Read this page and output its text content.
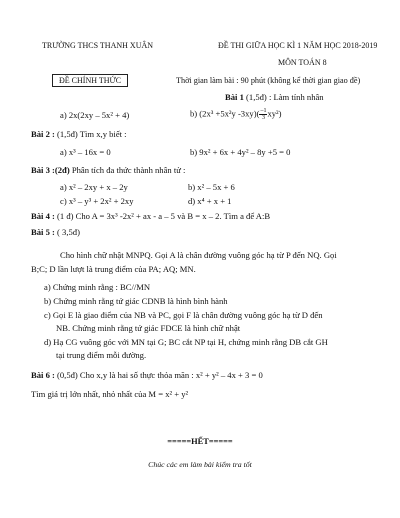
TRƯỜNG THCS THANH XUÂN	ĐỀ THI GIỮA HỌC KÌ 1 NĂM HỌC 2018-2019
MÔN TOÁN 8
ĐỀ CHÍNH THỨC	Thời gian làm bài : 90 phút (không kể thời gian giao đề)
Bài 1 (1,5đ) : Làm tính nhân
a) 2x(2xy – 5x² + 4)	b) (2x³ +5x²y $-3xy)( \frac{-1}{3} xy^2)$
Bài 2 : (1,5đ) Tìm x,y biết :
a) x³ – 16x = 0	b) 9x² + 6x + 4y² – 8y +5 = 0
Bài 3 :(2đ) Phân tích đa thức thành nhân tử :
a) x² – 2xy + x – 2y	b) x² – 5x + 6
c) x³ – y³ + 2x² + 2xy	d) x⁴ + x + 1
Bài 4 : (1 đ) Cho A = 3x³ -2x² + ax - a – 5 và B = x – 2. Tìm a để A:B
Bài 5 : ( 3,5đ)
Cho hình chữ nhật MNPQ. Gọi A là chân đường vuông góc hạ từ P đến NQ. Gọi
B;C; D lần lượt là trung điểm của PA; AQ; MN.
a) Chứng minh rằng : BC//MN
b) Chứng minh rằng tứ giác CDNB là hình bình hành
c) Gọi E là giao điểm của NB và PC, gọi F là chân đường vuông góc hạ từ D đến
NB. Chứng minh rằng tứ giác FDCE là hình chữ nhật
d) Hạ CG vuông góc với MN tại G; BC cắt NP tại H, chứng minh rằng DB cắt GH
tại trung điểm mỗi đường.
Bài 6 : (0,5đ) Cho x,y là hai số thực thỏa mãn : x² + y² – 4x + 3 = 0
Tìm giá trị lớn nhất, nhỏ nhất của M = x² + y²
=====HẾT=====
Chúc các em làm bài kiểm tra tốt
